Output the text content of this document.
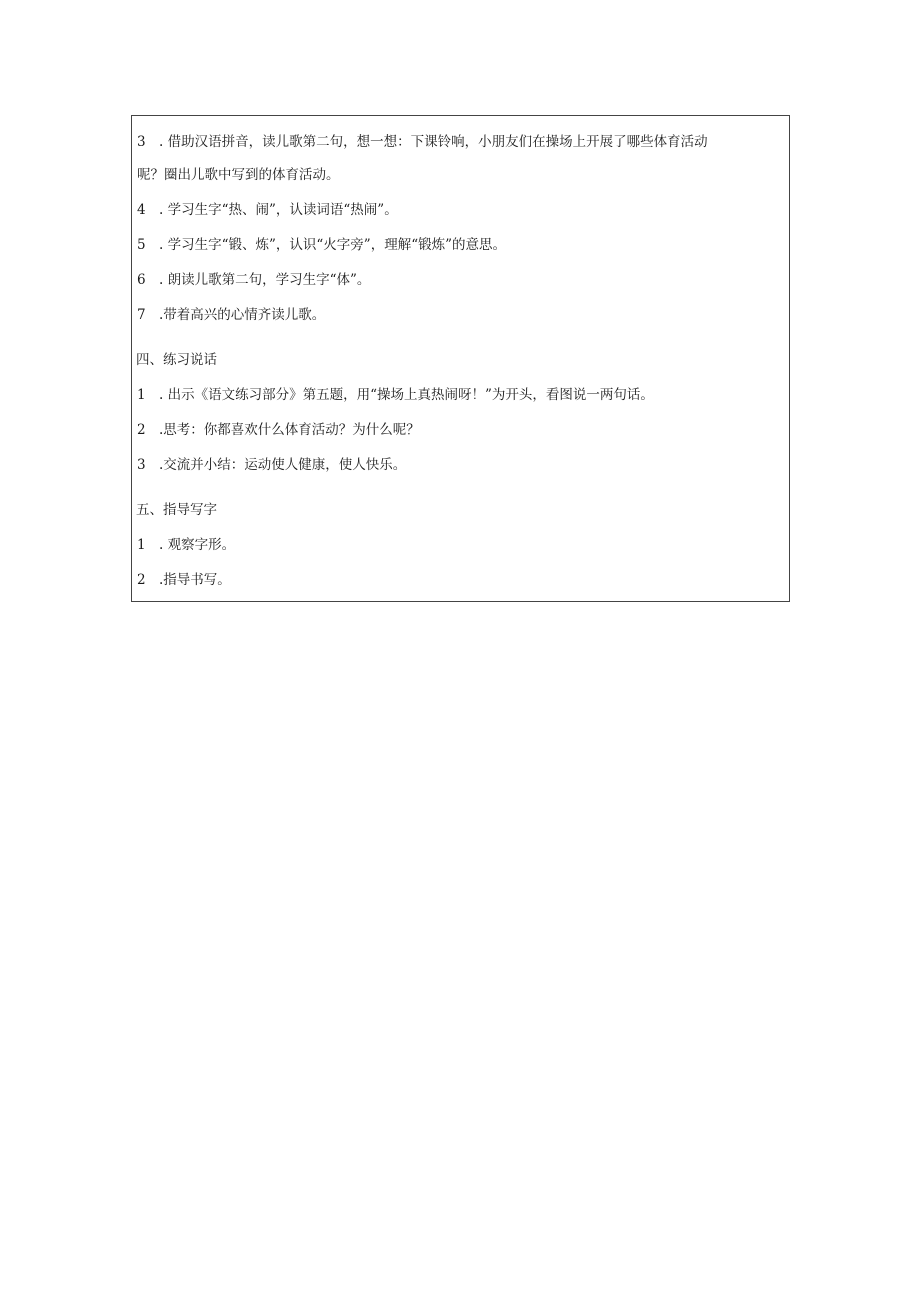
3 . 借助汉语拼音，读儿歌第二句，想一想：下课铃响，小朋友们在操场上开展了哪些体育活动
呢？圈出儿歌中写到的体育活动。
4 . 学习生字“热、闹”，认读词语“热闹”。
5 . 学习生字“锻、炼”，认识“火字旁”，理解“锻炼”的意思。
6 . 朗读儿歌第二句，学习生字“体”。
7 .带着高兴的心情齐读儿歌。
四、练习说话
1 . 出示《语文练习部分》第五题，用“操场上真热闹呀！”为开头，看图说一两句话。
2 .思考：你都喜欢什么体育活动？为什么呢？
3 .交流并小结：运动使人健康，使人快乐。
五、指导写字
1 . 观察字形。
2 .指导书写。
